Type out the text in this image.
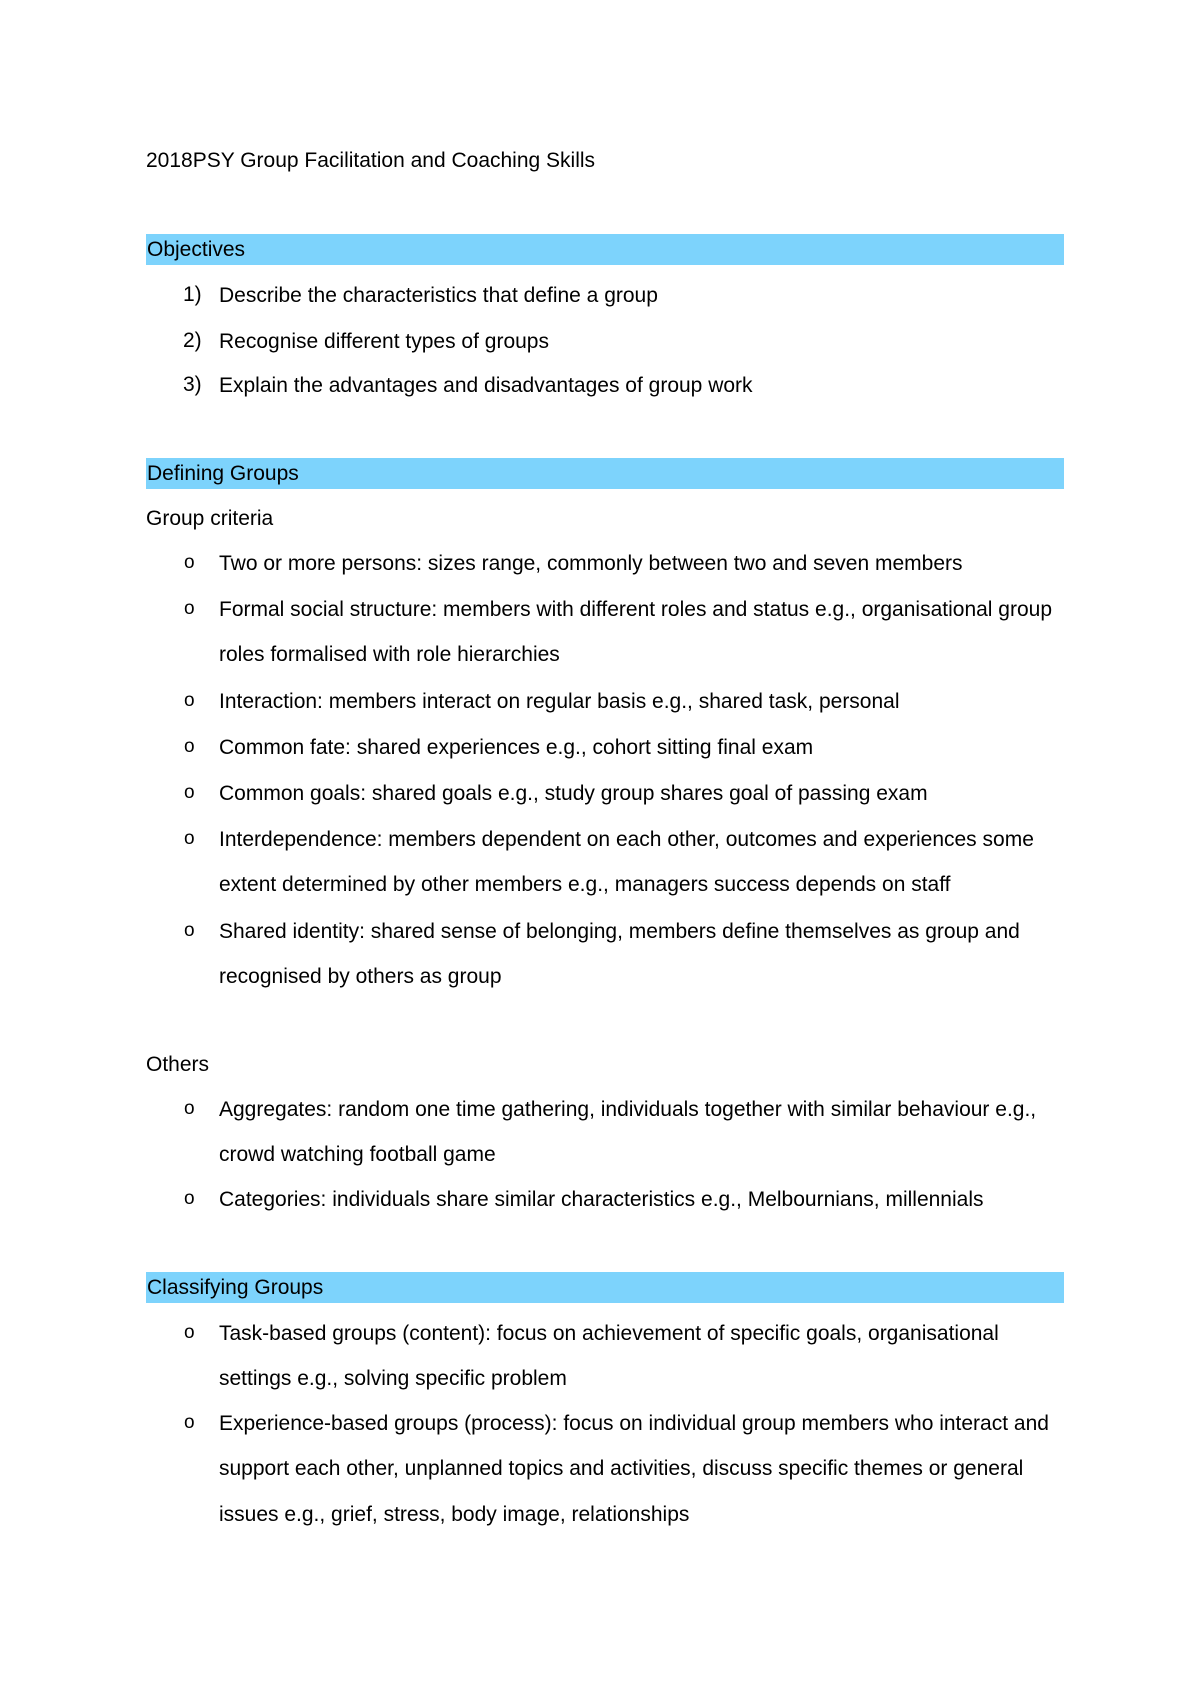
2018PSY Group Facilitation and Coaching Skills
Objectives
1) Describe the characteristics that define a group
2) Recognise different types of groups
3) Explain the advantages and disadvantages of group work
Defining Groups
Group criteria
o Two or more persons: sizes range, commonly between two and seven members
o Formal social structure: members with different roles and status e.g., organisational group roles formalised with role hierarchies
o Interaction: members interact on regular basis e.g., shared task, personal
o Common fate: shared experiences e.g., cohort sitting final exam
o Common goals: shared goals e.g., study group shares goal of passing exam
o Interdependence: members dependent on each other, outcomes and experiences some extent determined by other members e.g., managers success depends on staff
o Shared identity: shared sense of belonging, members define themselves as group and recognised by others as group
Others
o Aggregates: random one time gathering, individuals together with similar behaviour e.g., crowd watching football game
o Categories: individuals share similar characteristics e.g., Melbournians, millennials
Classifying Groups
o Task-based groups (content): focus on achievement of specific goals, organisational settings e.g., solving specific problem
o Experience-based groups (process): focus on individual group members who interact and support each other, unplanned topics and activities, discuss specific themes or general issues e.g., grief, stress, body image, relationships
